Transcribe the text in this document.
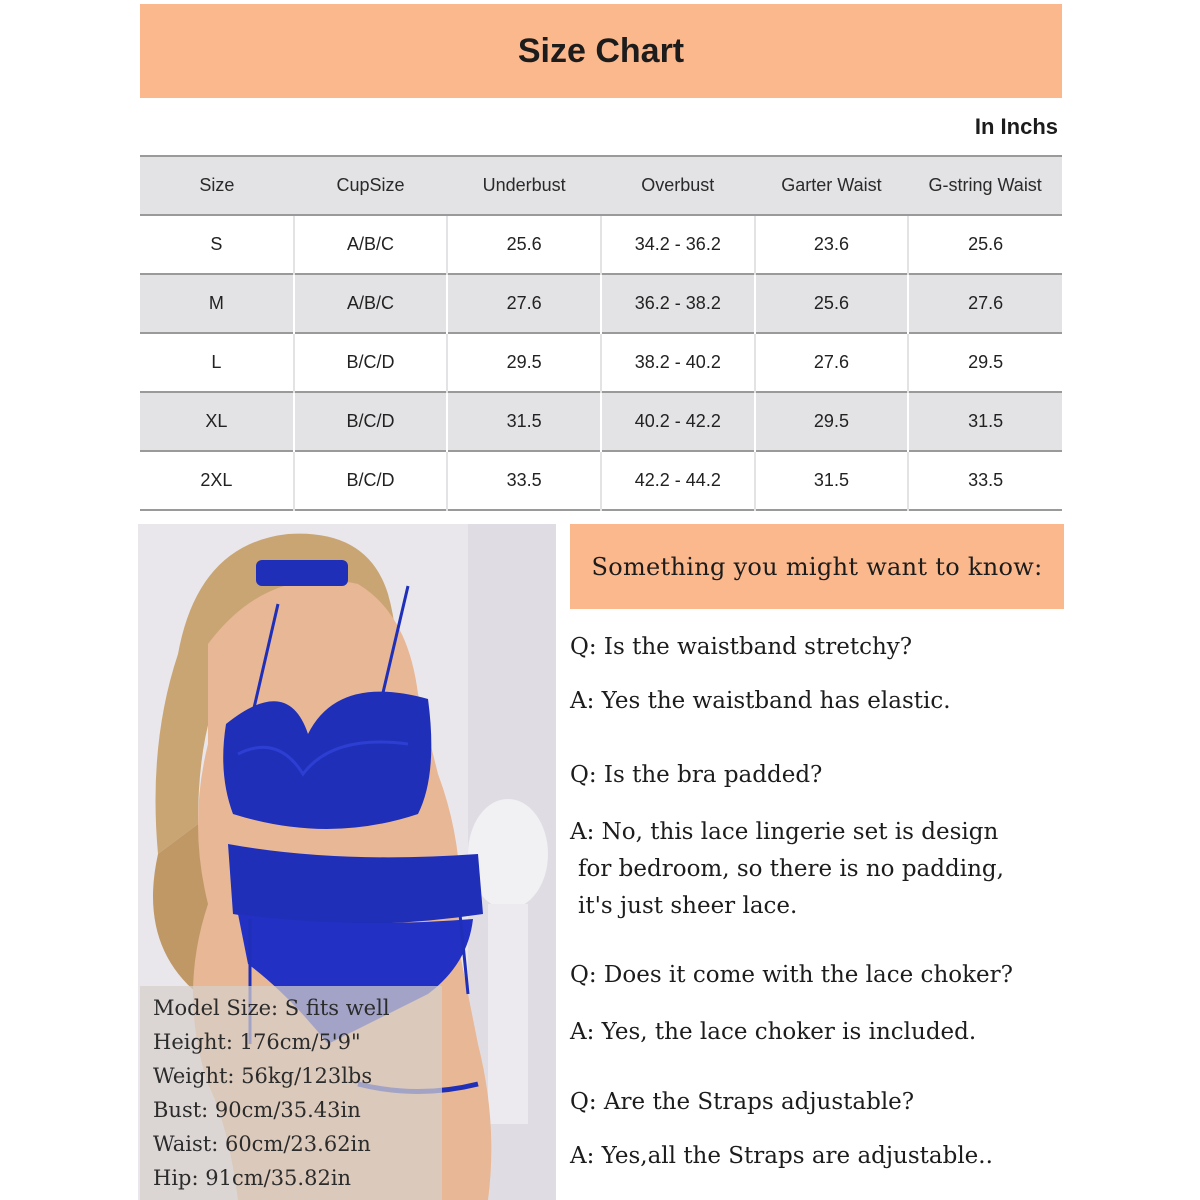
Size Chart
In Inchs
Size	CupSize	Underbust	Overbust	Garter Waist	G-string Waist
S	A/B/C	25.6	34.2 - 36.2	23.6	25.6
M	A/B/C	27.6	36.2 - 38.2	25.6	27.6
L	B/C/D	29.5	38.2 - 40.2	27.6	29.5
XL	B/C/D	31.5	40.2 - 42.2	29.5	31.5
2XL	B/C/D	33.5	42.2 - 44.2	31.5	33.5
Model Size: S fits well
Height: 176cm/5'9"
Weight: 56kg/123lbs
Bust: 90cm/35.43in
Waist: 60cm/23.62in
Hip: 91cm/35.82in
Something you might want to know:
Q: Is the waistband stretchy?
A: Yes the waistband has elastic.
Q: Is the bra padded?
A: No, this lace lingerie set is design
for bedroom, so there is no padding,
it's just sheer lace.
Q: Does it come with the lace choker?
A: Yes, the lace choker is included.
Q: Are the Straps adjustable?
A: Yes,all the Straps are adjustable..
